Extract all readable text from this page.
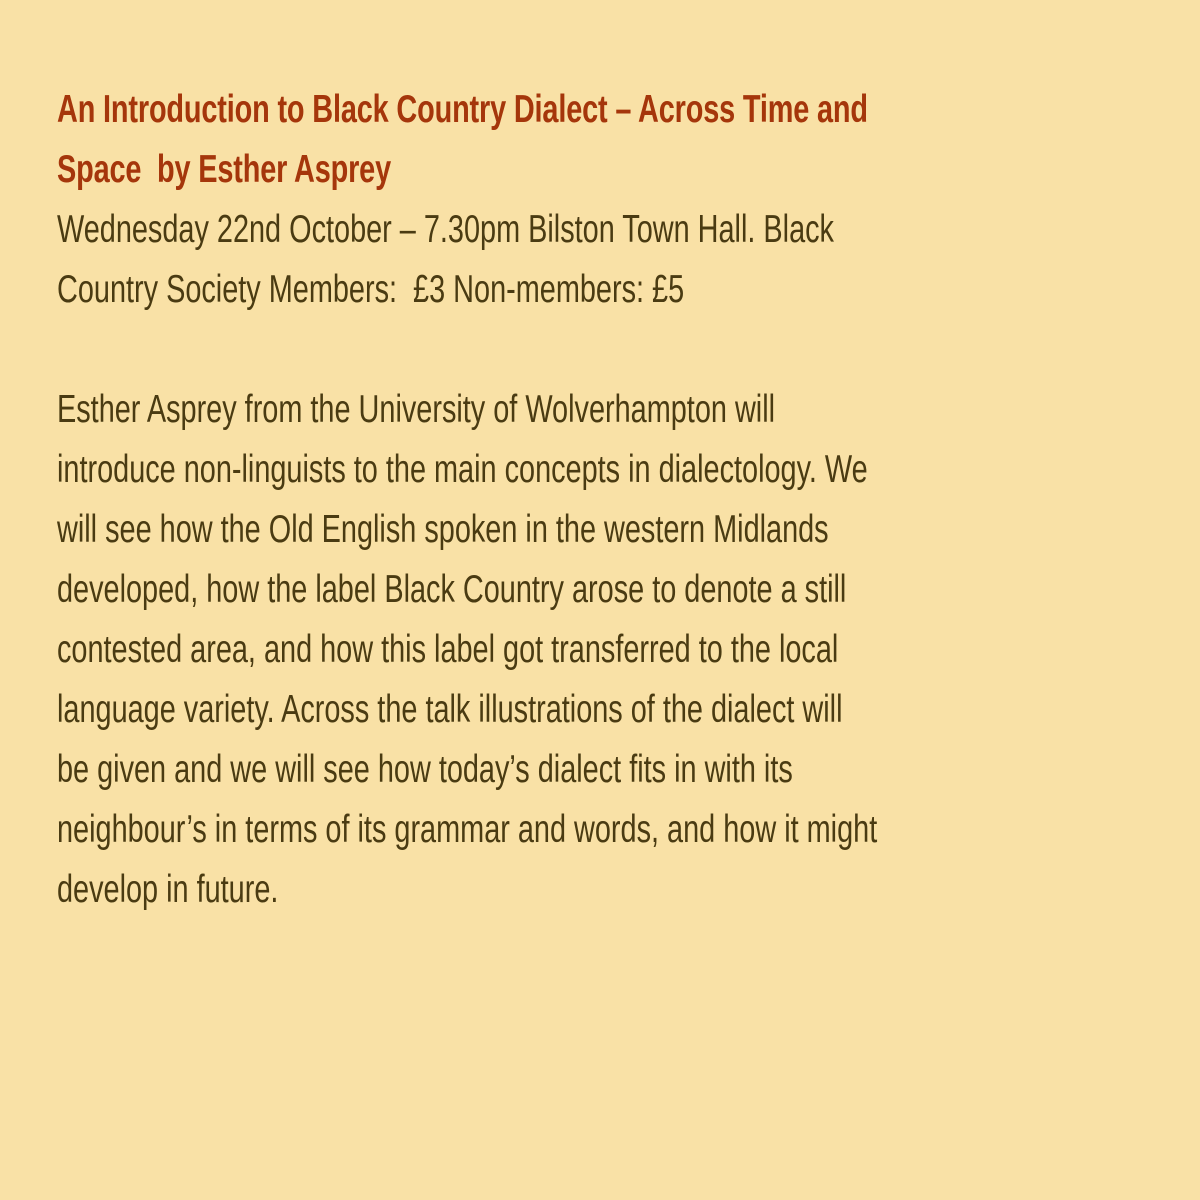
An Introduction to Black Country Dialect – Across Time and
Space  by Esther Asprey
Wednesday 22nd October – 7.30pm Bilston Town Hall. Black
Country Society Members:  £3 Non-members: £5
Esther Asprey from the University of Wolverhampton will
introduce non-linguists to the main concepts in dialectology. We
will see how the Old English spoken in the western Midlands
developed, how the label Black Country arose to denote a still
contested area, and how this label got transferred to the local
language variety. Across the talk illustrations of the dialect will
be given and we will see how today’s dialect fits in with its
neighbour’s in terms of its grammar and words, and how it might
develop in future.
